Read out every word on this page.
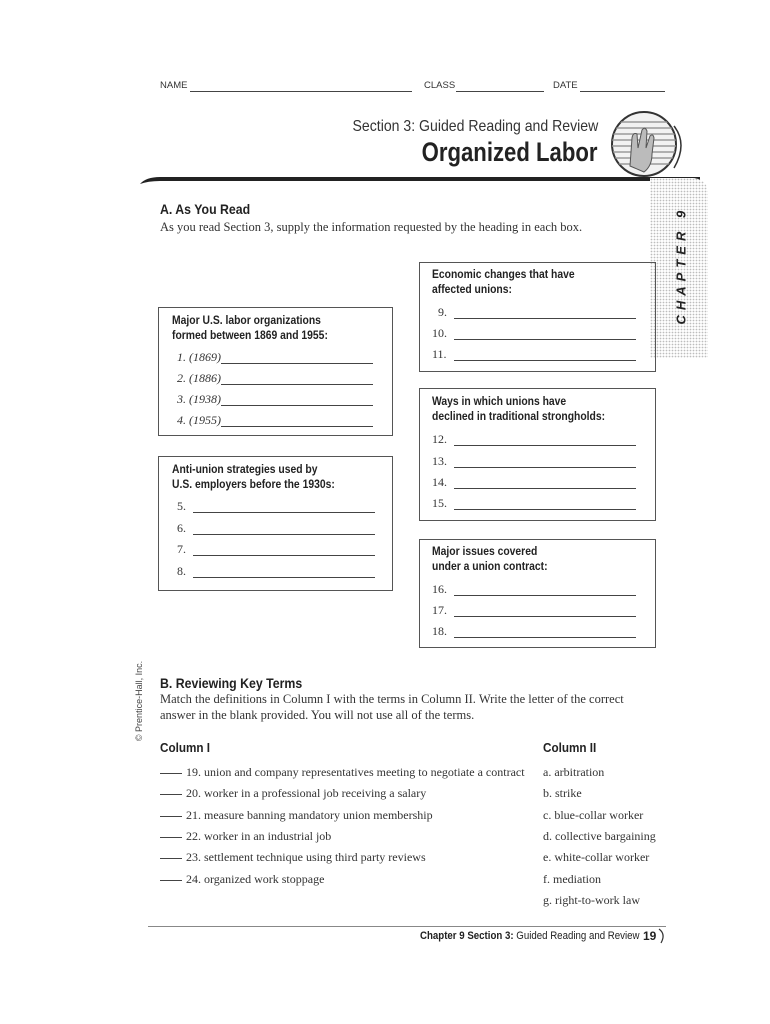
NAME	CLASS	DATE
Section 3: Guided Reading and Review
Organized Labor
CHAPTER 9
© Prentice-Hall, Inc.
A. As You Read
As you read Section 3, supply the information requested by the heading in each box.
Major U.S. labor organizations
formed between 1869 and 1955:
1. (1869)
2. (1886)
3. (1938)
4. (1955)
Anti-union strategies used by
U.S. employers before the 1930s:
5.
6.
7.
8.
Economic changes that have
affected unions:
9.
10.
11.
Ways in which unions have
declined in traditional strongholds:
12.
13.
14.
15.
Major issues covered
under a union contract:
16.
17.
18.
B. Reviewing Key Terms
Match the definitions in Column I with the terms in Column II. Write the letter of the correct
answer in the blank provided. You will not use all of the terms.
Column I	Column II
19. union and company representatives meeting to negotiate a contract
20. worker in a professional job receiving a salary
21. measure banning mandatory union membership
22. worker in an industrial job
23. settlement technique using third party reviews
24. organized work stoppage
a. arbitration
b. strike
c. blue-collar worker
d. collective bargaining
e. white-collar worker
f. mediation
g. right-to-work law
Chapter 9 Section 3: Guided Reading and Review 19
